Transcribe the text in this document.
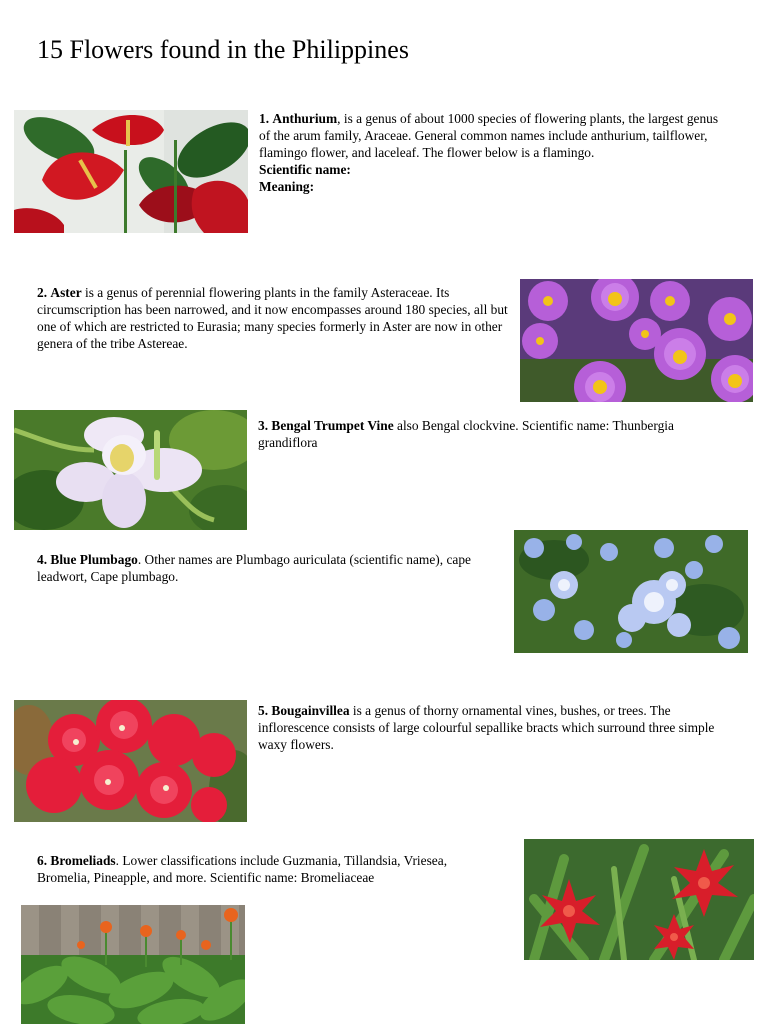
15 Flowers found in the Philippines
1. Anthurium, is a genus of about 1000 species of flowering plants, the largest genus of the arum family, Araceae. General common names include anthurium, tailflower, flamingo flower, and laceleaf. The flower below is a flamingo.
Scientific name:
Meaning:
2. Aster is a genus of perennial flowering plants in the family Asteraceae. Its circumscription has been narrowed, and it now encompasses around 180 species, all but one of which are restricted to Eurasia; many species formerly in Aster are now in other genera of the tribe Astereae.
3. Bengal Trumpet Vine also Bengal clockvine. Scientific name: Thunbergia grandiflora
4. Blue Plumbago. Other names are Plumbago auriculata (scientific name), cape leadwort, Cape plumbago.
5. Bougainvillea is a genus of thorny ornamental vines, bushes, or trees. The inflorescence consists of large colourful sepallike bracts which surround three simple waxy flowers.
6. Bromeliads. Lower classifications include Guzmania, Tillandsia, Vriesea, Bromelia, Pineapple, and more. Scientific name: Bromeliaceae
